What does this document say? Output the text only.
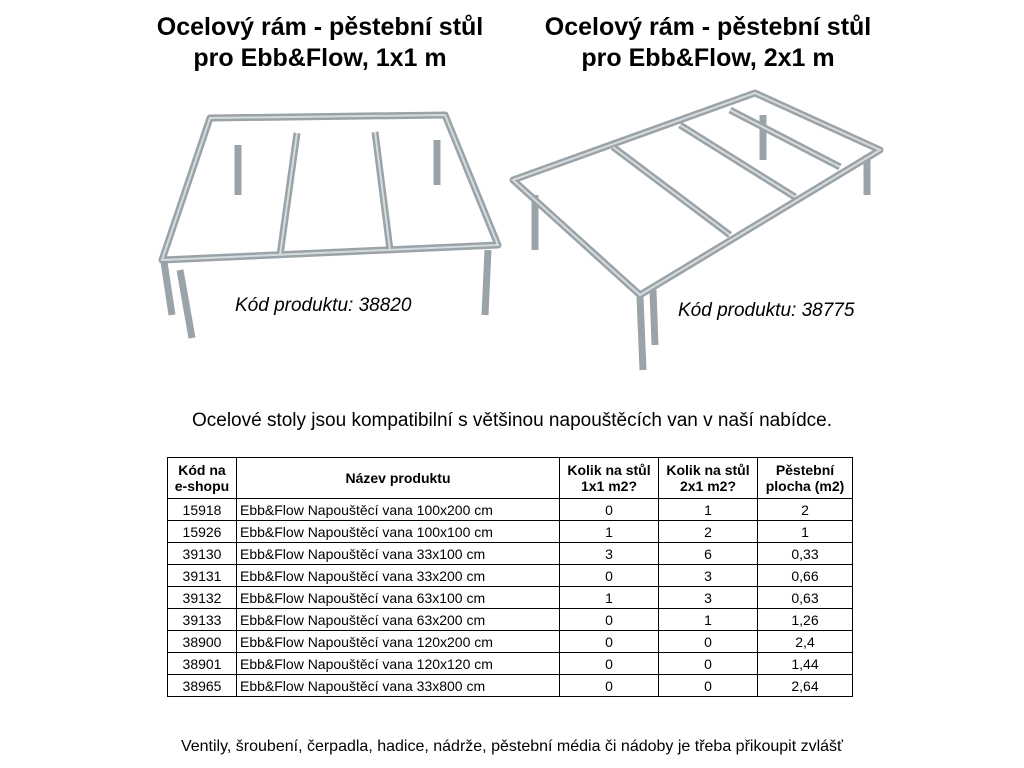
Ocelový rám - pěstební stůl
pro Ebb&Flow, 1x1 m
Ocelový rám - pěstební stůl
pro Ebb&Flow, 2x1 m
Kód produktu: 38820	Kód produktu: 38775
Ocelové stoly jsou kompatibilní s většinou napouštěcích van v naší nabídce.
Kód na e-shopu	Název produktu	Kolik na stůl 1x1 m2?	Kolik na stůl 2x1 m2?	Pěstební plocha (m2)
15918	Ebb&Flow Napouštěcí vana 100x200 cm	0	1	2
15926	Ebb&Flow Napouštěcí vana 100x100 cm	1	2	1
39130	Ebb&Flow Napouštěcí vana 33x100 cm	3	6	0,33
39131	Ebb&Flow Napouštěcí vana 33x200 cm	0	3	0,66
39132	Ebb&Flow Napouštěcí vana 63x100 cm	1	3	0,63
39133	Ebb&Flow Napouštěcí vana 63x200 cm	0	1	1,26
38900	Ebb&Flow Napouštěcí vana 120x200 cm	0	0	2,4
38901	Ebb&Flow Napouštěcí vana 120x120 cm	0	0	1,44
38965	Ebb&Flow Napouštěcí vana 33x800 cm	0	0	2,64
Ventily, šroubení, čerpadla, hadice, nádrže, pěstební média či nádoby je třeba přikoupit zvlášť
